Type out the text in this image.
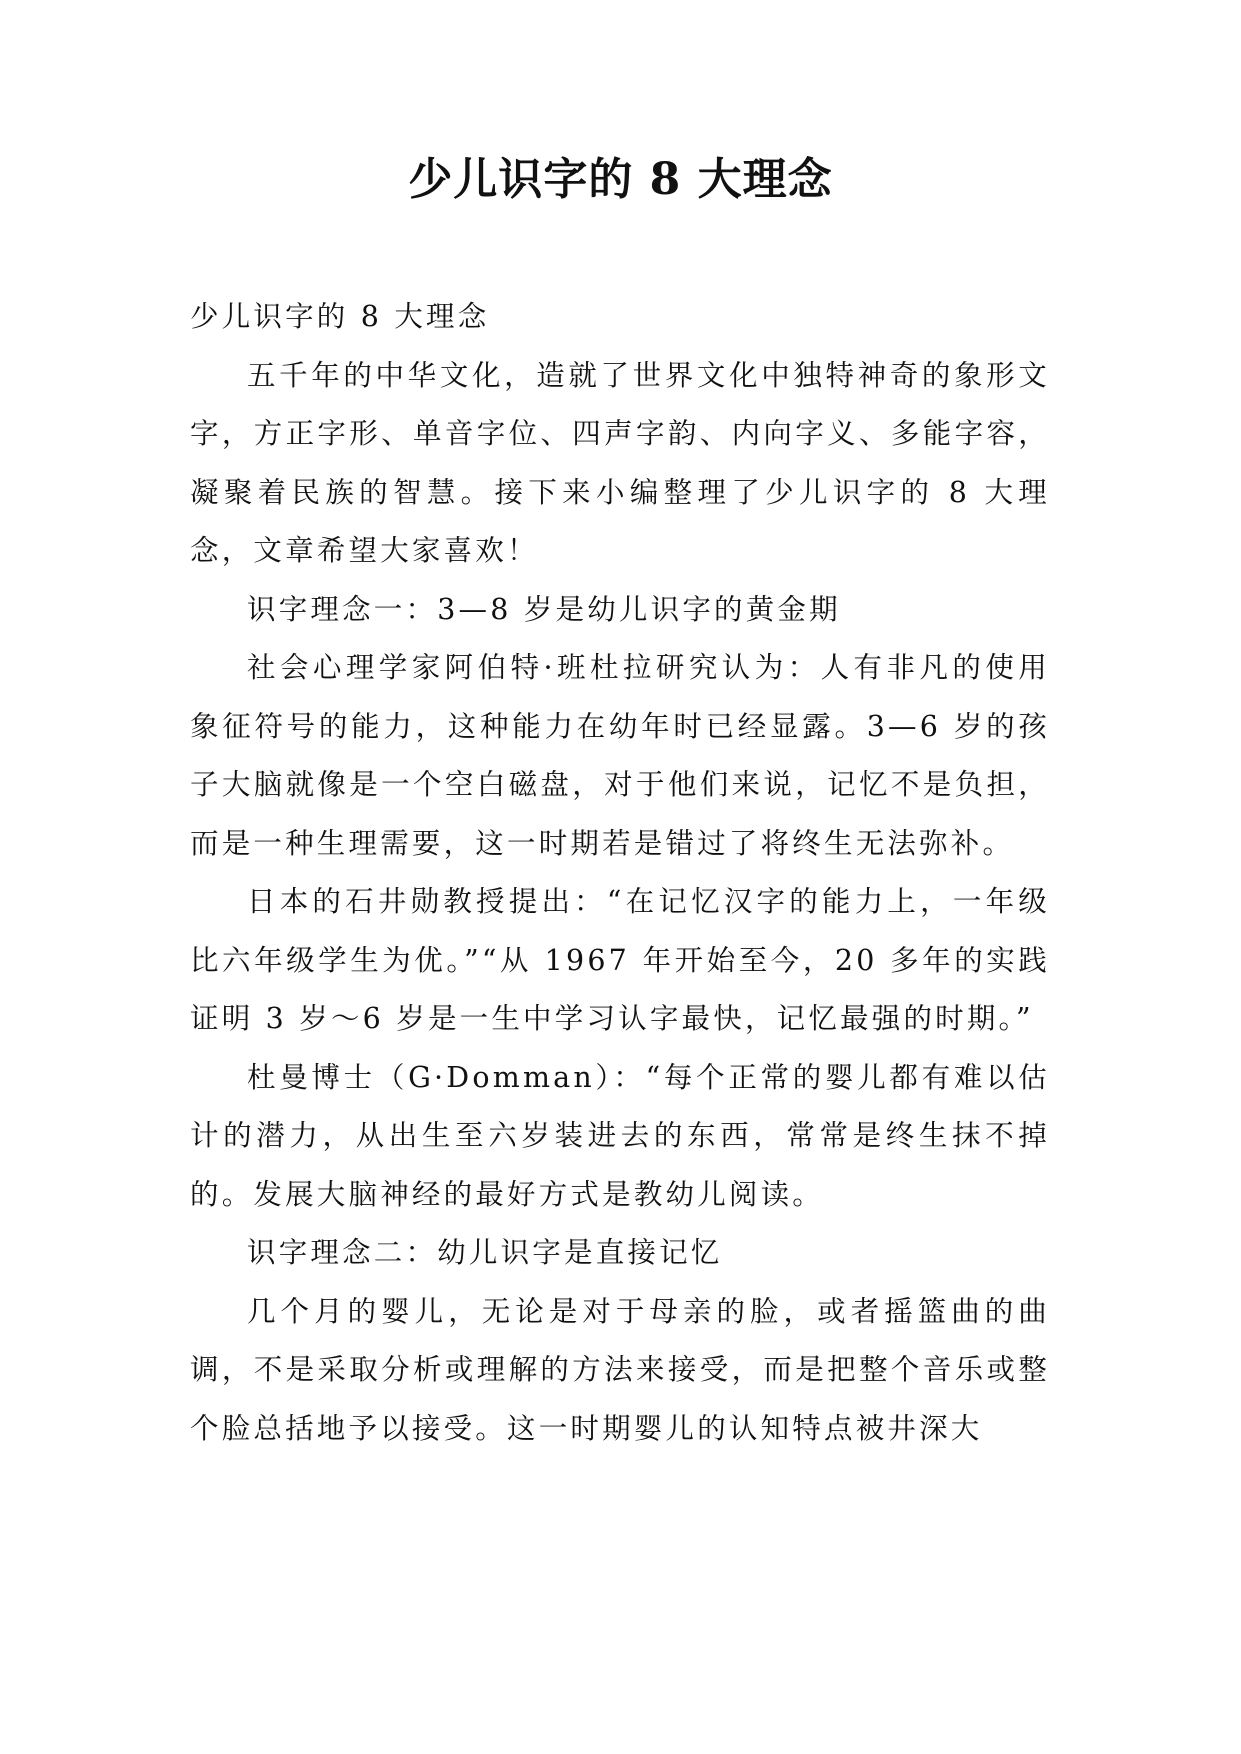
少儿识字的 8 大理念

少儿识字的 8 大理念

五千年的中华文化，造就了世界文化中独特神奇的象形文字，方正字形、单音字位、四声字韵、内向字义、多能字容，凝聚着民族的智慧。接下来小编整理了少儿识字的 8 大理念，文章希望大家喜欢！

识字理念一：3—8 岁是幼儿识字的黄金期

社会心理学家阿伯特·班杜拉研究认为：人有非凡的使用象征符号的能力，这种能力在幼年时已经显露。3—6 岁的孩子大脑就像是一个空白磁盘，对于他们来说，记忆不是负担，而是一种生理需要，这一时期若是错过了将终生无法弥补。

日本的石井勋教授提出：“在记忆汉字的能力上，一年级比六年级学生为优。”“从 1967 年开始至今，20 多年的实践证明 3 岁～6 岁是一生中学习认字最快，记忆最强的时期。”

杜曼博士（G·Domman）：“每个正常的婴儿都有难以估计的潜力，从出生至六岁装进去的东西，常常是终生抹不掉的。发展大脑神经的最好方式是教幼儿阅读。

识字理念二：幼儿识字是直接记忆

几个月的婴儿，无论是对于母亲的脸，或者摇篮曲的曲调，不是采取分析或理解的方法来接受，而是把整个音乐或整个脸总括地予以接受。这一时期婴儿的认知特点被井深大
